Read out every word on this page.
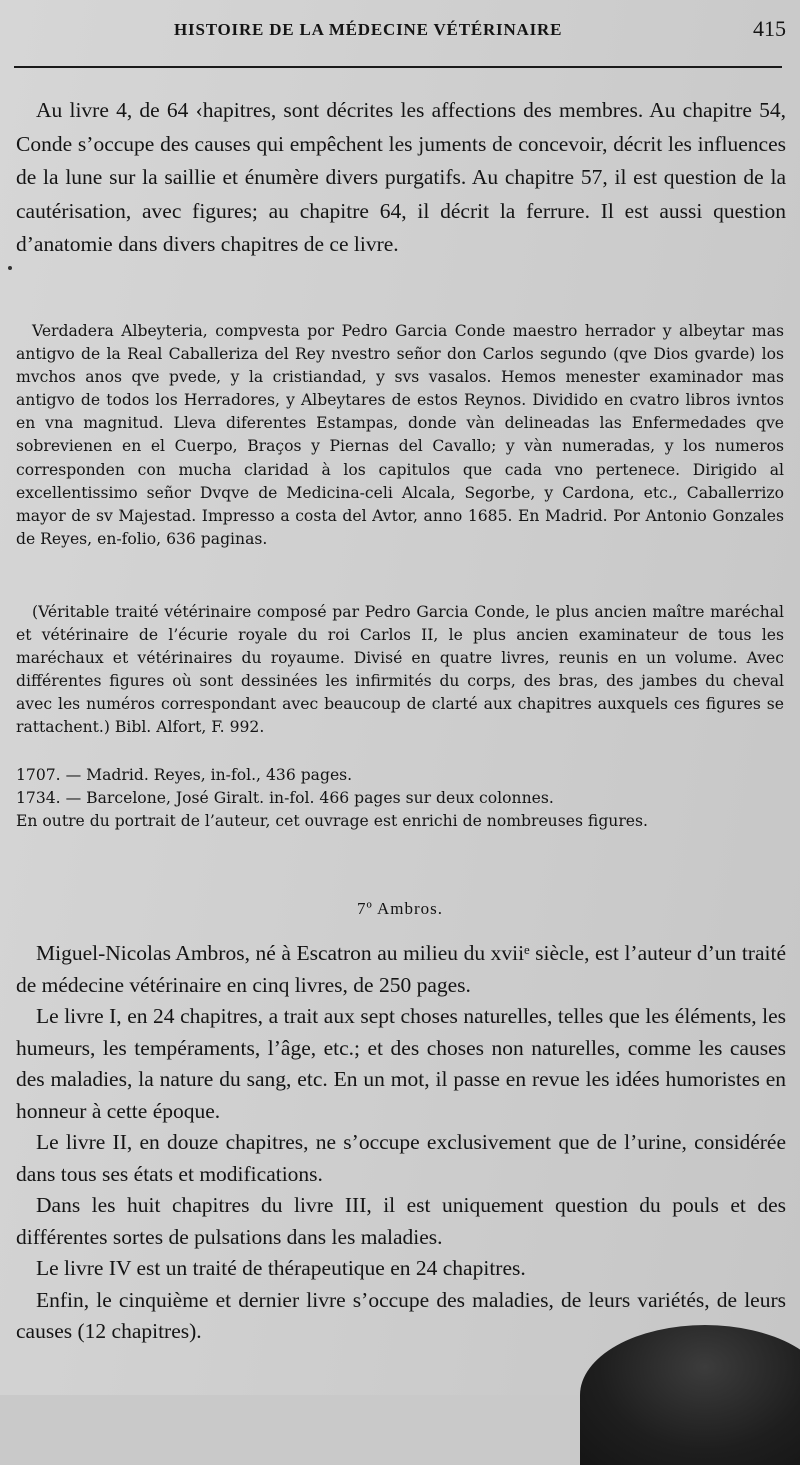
HISTOIRE DE LA MÉDECINE VÉTÉRINAIRE	415

Au livre 4, de 64 ‹hapitres, sont décrites les affections des membres. Au chapitre 54, Conde s’occupe des causes qui empêchent les juments de concevoir, décrit les influences de la lune sur la saillie et énumère divers purgatifs. Au chapitre 57, il est question de la cautérisation, avec figures; au chapitre 64, il décrit la ferrure. Il est aussi question d’anatomie dans divers chapitres de ce livre.

Verdadera Albeyteria, compvesta por Pedro Garcia Conde maestro herrador y albeytar mas antigvo de la Real Caballeriza del Rey nvestro señor don Carlos segundo (qve Dios gvarde) los mvchos anos qve pvede, y la cristiandad, y svs vasalos. Hemos menester examinador mas antigvo de todos los Herradores, y Albeytares de estos Reynos. Dividido en cvatro libros ivntos en vna magnitud. Lleva diferentes Estampas, donde vàn delineadas las Enfermedades qve sobrevienen en el Cuerpo, Braços y Piernas del Cavallo; y vàn numeradas, y los numeros corresponden con mucha claridad à los capitulos que cada vno pertenece. Dirigido al excellentissimo señor Dvqve de Medicina-celi Alcala, Segorbe, y Cardona, etc., Caballerrizo mayor de sv Majestad. Impresso a costa del Avtor, anno 1685. En Madrid. Por Antonio Gonzales de Reyes, en-folio, 636 paginas.

(Véritable traité vétérinaire composé par Pedro Garcia Conde, le plus ancien maître maréchal et vétérinaire de l’écurie royale du roi Carlos II, le plus ancien examinateur de tous les maréchaux et vétérinaires du royaume. Divisé en quatre livres, reunis en un volume. Avec différentes figures où sont dessinées les infirmités du corps, des bras, des jambes du cheval avec les numéros correspondant avec beaucoup de clarté aux chapitres auxquels ces figures se rattachent.) Bibl. Alfort, F. 992.

1707. — Madrid. Reyes, in-fol., 436 pages.

1734. — Barcelone, José Giralt. in-fol. 466 pages sur deux colonnes.

En outre du portrait de l’auteur, cet ouvrage est enrichi de nombreuses figures.

7º Ambros.

Miguel-Nicolas Ambros, né à Escatron au milieu du xviiᵉ siècle, est l’auteur d’un traité de médecine vétérinaire en cinq livres, de 250 pages.

Le livre I, en 24 chapitres, a trait aux sept choses naturelles, telles que les éléments, les humeurs, les tempéraments, l’âge, etc.; et des choses non naturelles, comme les causes des maladies, la nature du sang, etc. En un mot, il passe en revue les idées humoristes en honneur à cette époque.

Le livre II, en douze chapitres, ne s’occupe exclusivement que de l’urine, considérée dans tous ses états et modifications.

Dans les huit chapitres du livre III, il est uniquement question du pouls et des différentes sortes de pulsations dans les maladies.

Le livre IV est un traité de thérapeutique en 24 chapitres.

Enfin, le cinquième et dernier livre s’occupe des maladies, de leurs variétés, de leurs causes (12 chapitres).
